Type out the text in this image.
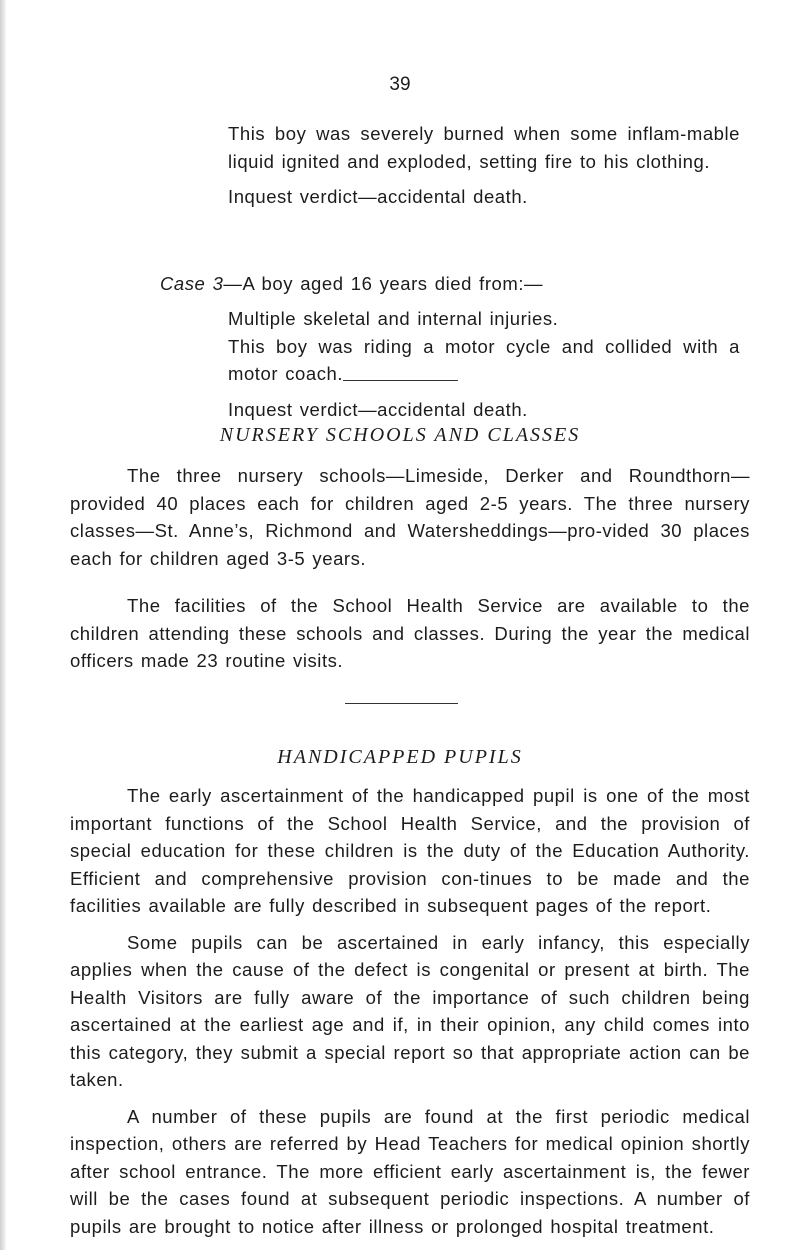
39

This boy was severely burned when some inflam-mable liquid ignited and exploded, setting fire to his clothing.

Inquest verdict—accidental death.

Case 3—A boy aged 16 years died from:—

Multiple skeletal and internal injuries.

This boy was riding a motor cycle and collided with a motor coach.

Inquest verdict—accidental death.

NURSERY SCHOOLS AND CLASSES

The three nursery schools—Limeside, Derker and Roundthorn—provided 40 places each for children aged 2-5 years. The three nursery classes—St. Anne’s, Richmond and Watersheddings—pro-vided 30 places each for children aged 3-5 years.

The facilities of the School Health Service are available to the children attending these schools and classes. During the year the medical officers made 23 routine visits.

HANDICAPPED PUPILS

The early ascertainment of the handicapped pupil is one of the most important functions of the School Health Service, and the provision of special education for these children is the duty of the Education Authority. Efficient and comprehensive provision con-tinues to be made and the facilities available are fully described in subsequent pages of the report.

Some pupils can be ascertained in early infancy, this especially applies when the cause of the defect is congenital or present at birth. The Health Visitors are fully aware of the importance of such children being ascertained at the earliest age and if, in their opinion, any child comes into this category, they submit a special report so that appropriate action can be taken.

A number of these pupils are found at the first periodic medical inspection, others are referred by Head Teachers for medical opinion shortly after school entrance. The more efficient early ascertainment is, the fewer will be the cases found at subsequent periodic inspections. A number of pupils are brought to notice after illness or prolonged hospital treatment.
